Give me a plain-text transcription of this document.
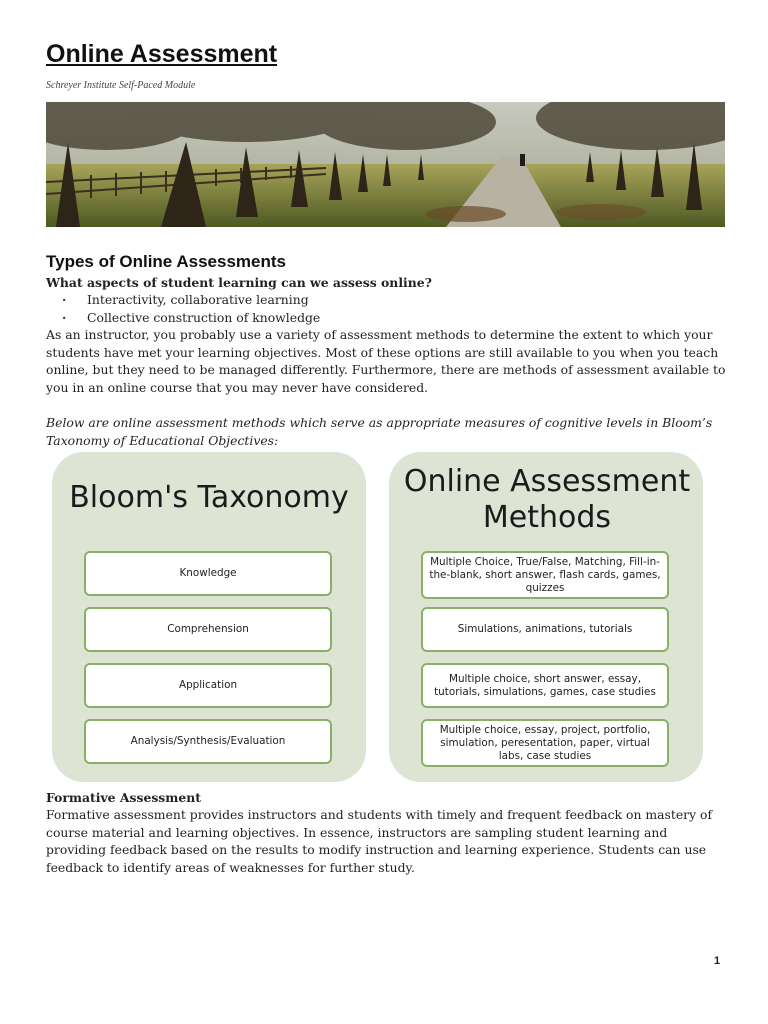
Online Assessment
Schreyer Institute Self-Paced Module
Types of Online Assessments
What aspects of student learning can we assess online?
· Interactivity, collaborative learning
· Collective construction of knowledge

As an instructor, you probably use a variety of assessment methods to determine the extent to which your students have met your learning objectives. Most of these options are still available to you when you teach online, but they need to be managed differently. Furthermore, there are methods of assessment available to you in an online course that you may never have considered.

Below are online assessment methods which serve as appropriate measures of cognitive levels in Bloom’s Taxonomy of Educational Objectives:

Bloom's Taxonomy	Online Assessment Methods
Knowledge
Comprehension
Application
Analysis/Synthesis/Evaluation
Multiple Choice, True/False, Matching, Fill-in-the-blank, short answer, flash cards, games, quizzes
Simulations, animations, tutorials
Multiple choice, short answer, essay, tutorials, simulations, games, case studies
Multiple choice, essay, project, portfolio, simulation, peresentation, paper, virtual labs, case studies
Formative Assessment

Formative assessment provides instructors and students with timely and frequent feedback on mastery of course material and learning objectives. In essence, instructors are sampling student learning and providing feedback based on the results to modify instruction and learning experience. Students can use feedback to identify areas of weaknesses for further study.

1
